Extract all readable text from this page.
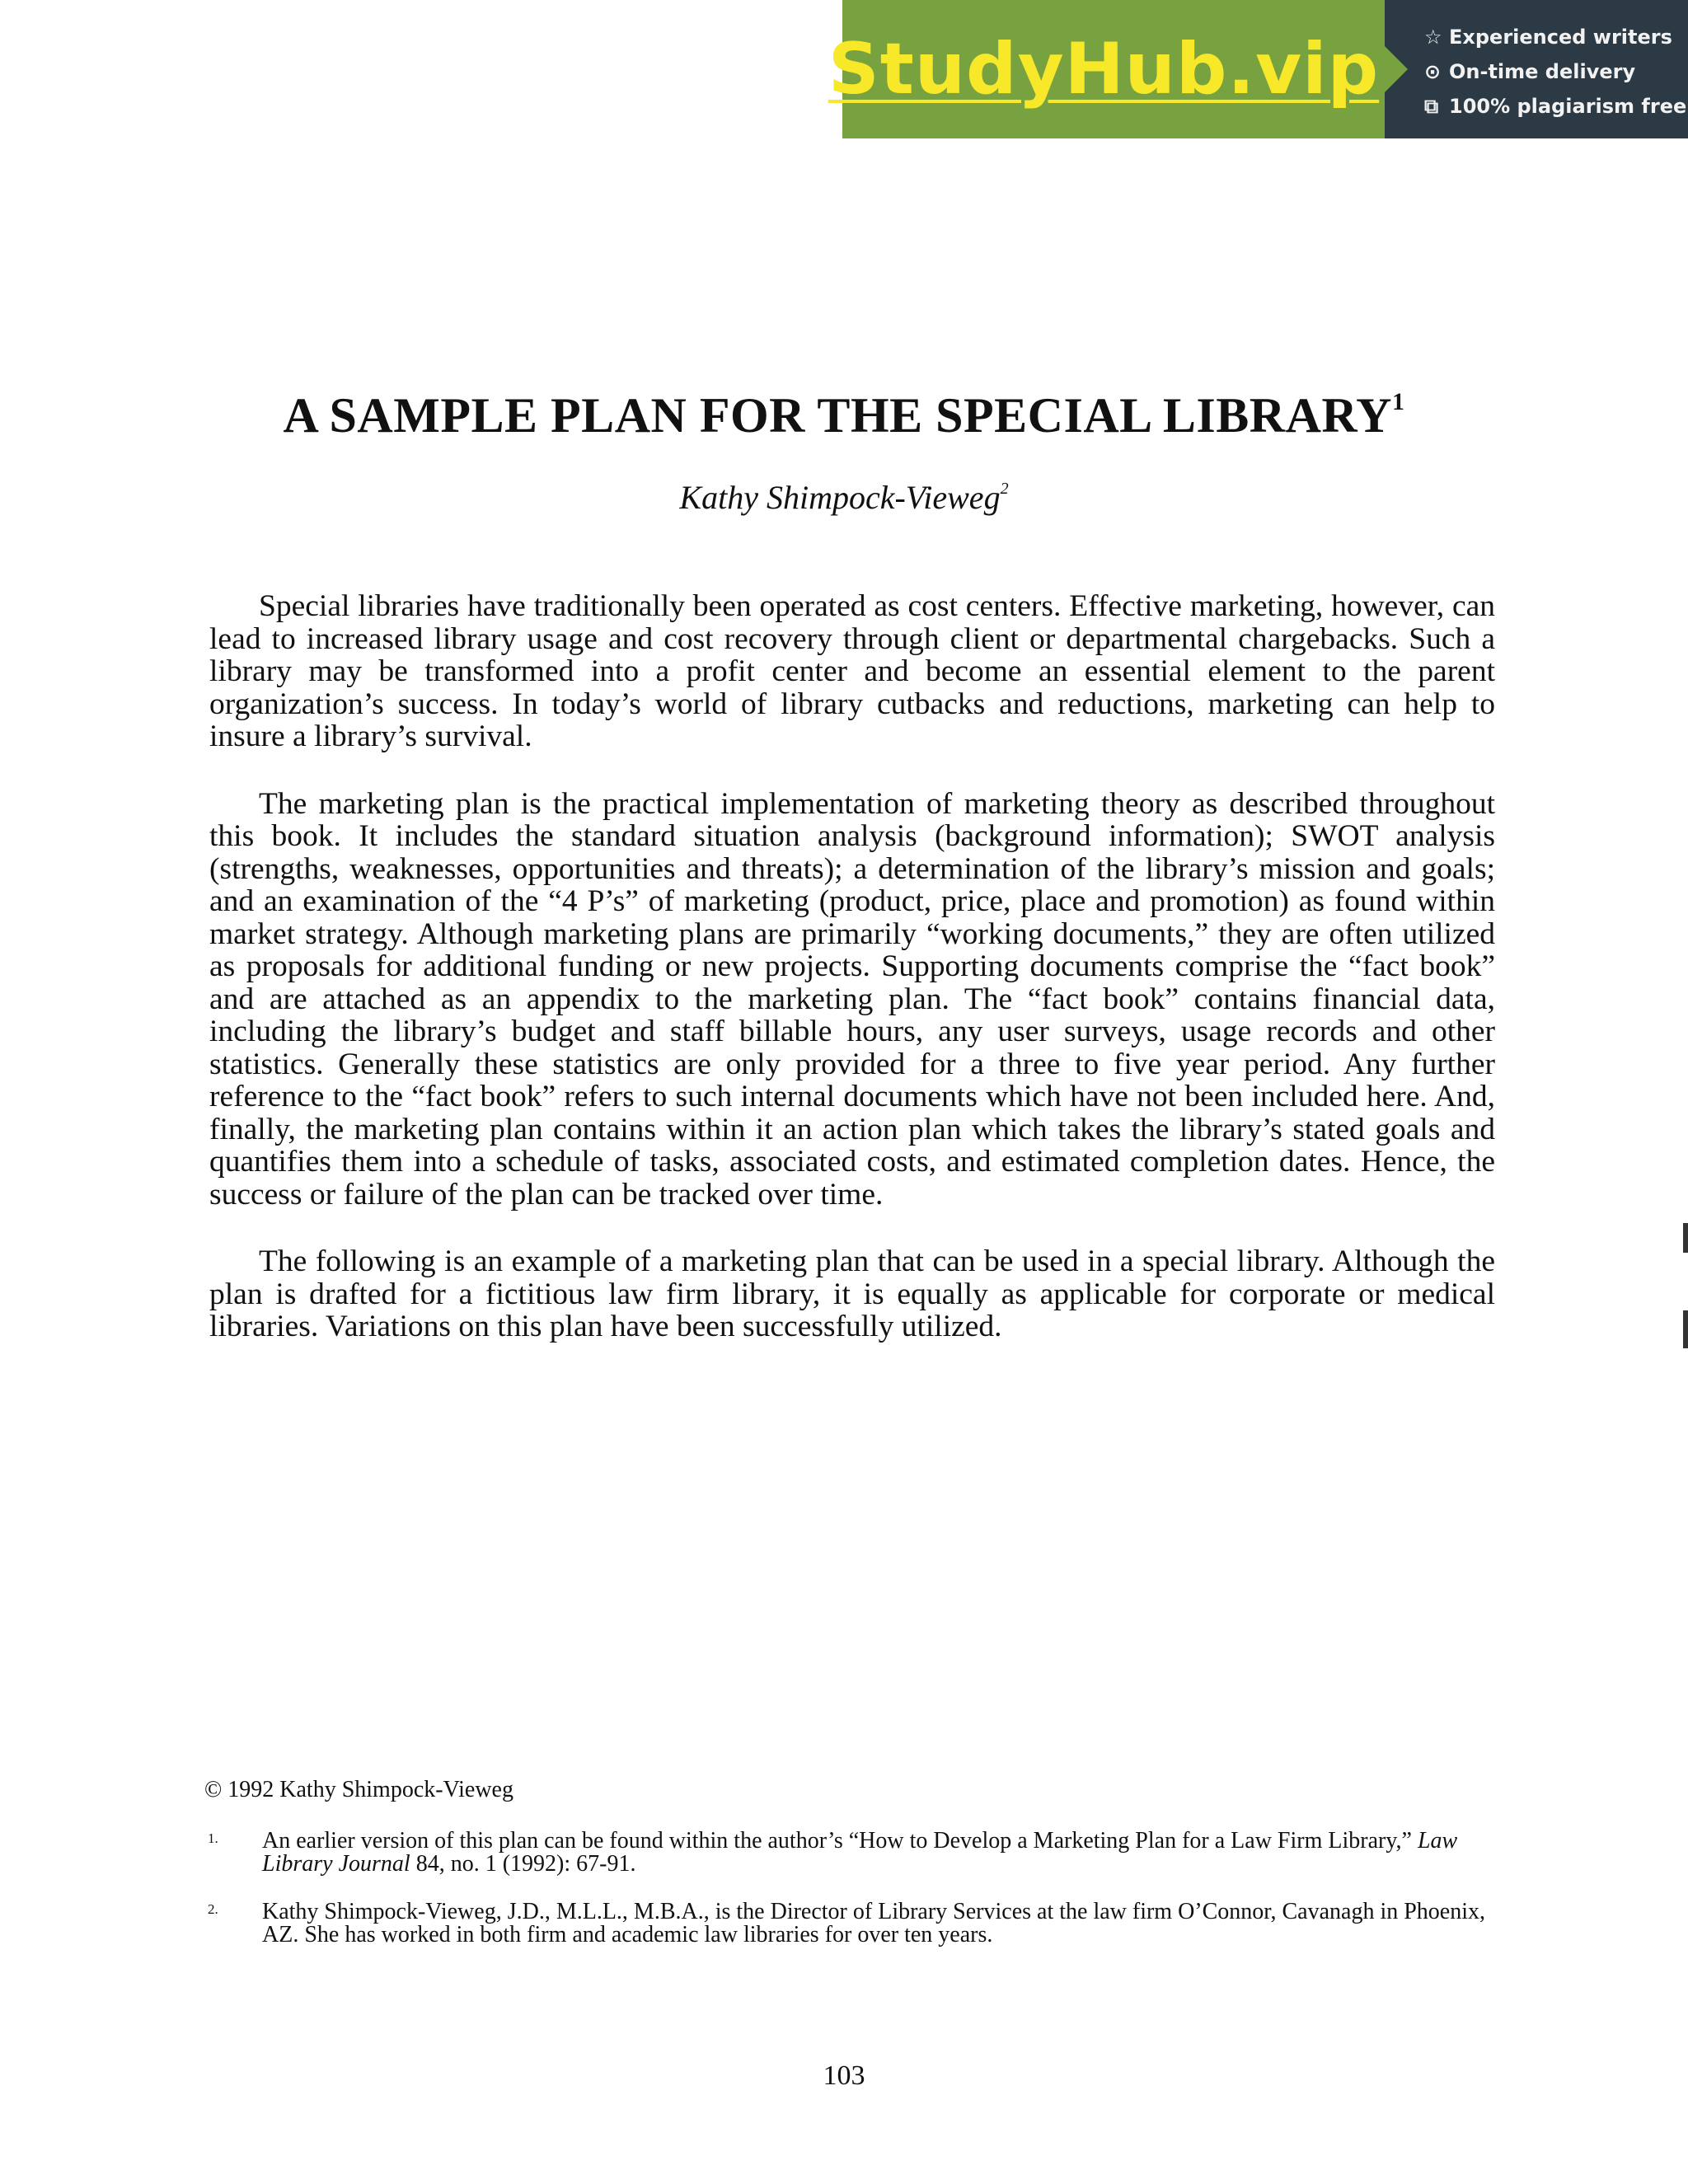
StudyHub.vip ☆ Experienced writers
⊙ On-time delivery
⧉ 100% plagiarism free
A SAMPLE PLAN FOR THE SPECIAL LIBRARY$^1$

Kathy Shimpock-Vieweg$^2$

Special libraries have traditionally been operated as cost centers. Effective marketing, however, can lead to increased library usage and cost recovery through client or departmental chargebacks. Such a library may be transformed into a profit center and become an essential element to the parent organization’s success. In today’s world of library cutbacks and reductions, marketing can help to insure a library’s survival.

The marketing plan is the practical implementation of marketing theory as described throughout this book. It includes the standard situation analysis (background information); SWOT analysis (strengths, weaknesses, opportunities and threats); a determination of the library’s mission and goals; and an examination of the “4 P’s” of marketing (product, price, place and promotion) as found within market strategy. Although marketing plans are primarily “working documents,” they are often utilized as proposals for additional funding or new projects. Supporting documents comprise the “fact book” and are attached as an appendix to the marketing plan. The “fact book” contains financial data, including the library’s budget and staff billable hours, any user surveys, usage records and other statistics. Generally these statistics are only provided for a three to five year period. Any further reference to the “fact book” refers to such internal documents which have not been included here. And, finally, the marketing plan contains within it an action plan which takes the library’s stated goals and quantifies them into a schedule of tasks, associated costs, and estimated completion dates. Hence, the success or failure of the plan can be tracked over time.

The following is an example of a marketing plan that can be used in a special library. Although the plan is drafted for a fictitious law firm library, it is equally as applicable for corporate or medical libraries. Variations on this plan have been successfully utilized.

© 1992 Kathy Shimpock-Vieweg

1.	An earlier version of this plan can be found within the author’s “How to Develop a Marketing Plan for a Law Firm Library,” Law Library Journal 84, no. 1 (1992): 67-91.
2.	Kathy Shimpock-Vieweg, J.D., M.L.L., M.B.A., is the Director of Library Services at the law firm O’Connor, Cavanagh in Phoenix, AZ. She has worked in both firm and academic law libraries for over ten years.

103
